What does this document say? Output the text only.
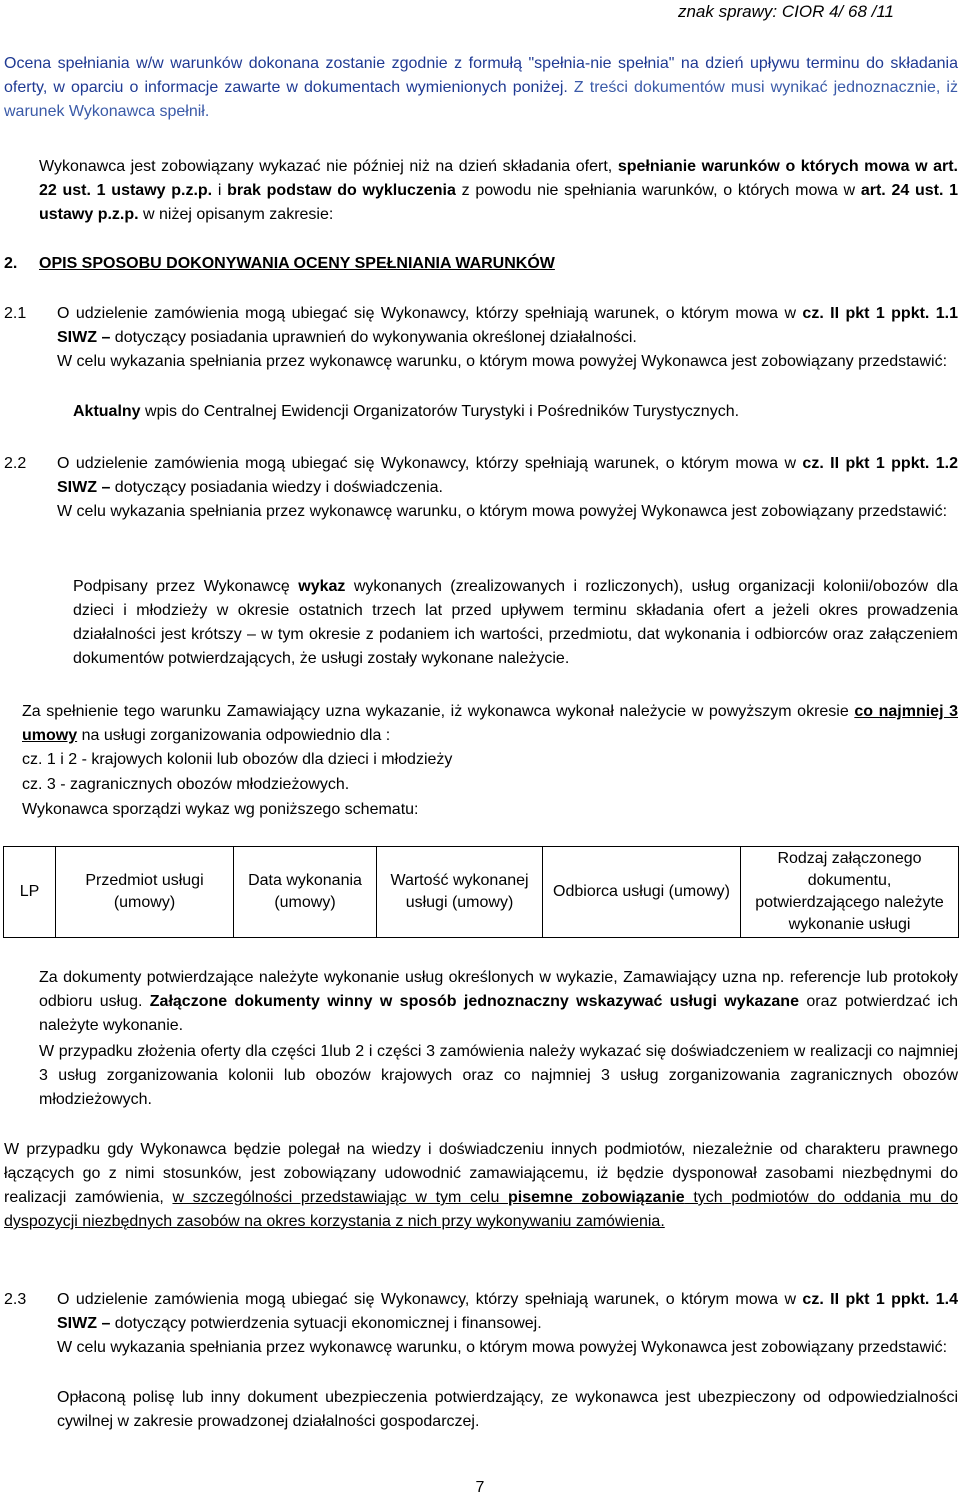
znak sprawy: CIOR 4/ 68 /11

Ocena spełniania w/w warunków dokonana zostanie zgodnie z formułą "spełnia-nie spełnia" na dzień upływu terminu do składania oferty, w oparciu o informacje zawarte w dokumentach wymienionych poniżej. Z treści dokumentów musi wynikać jednoznacznie, iż warunek Wykonawca spełnił.

Wykonawca jest zobowiązany wykazać nie później niż na dzień składania ofert, spełnianie warunków o których mowa w art. 22 ust. 1 ustawy p.z.p. i brak podstaw do wykluczenia z powodu nie spełniania warunków, o których mowa w art. 24 ust. 1 ustawy p.z.p. w niżej opisanym zakresie:

2. OPIS SPOSOBU DOKONYWANIA OCENY SPEŁNIANIA WARUNKÓW
2.1 O udzielenie zamówienia mogą ubiegać się Wykonawcy, którzy spełniają warunek, o którym mowa w cz. II pkt 1 ppkt. 1.1 SIWZ – dotyczący posiadania uprawnień do wykonywania określonej działalności.

W celu wykazania spełniania przez wykonawcę warunku, o którym mowa powyżej Wykonawca jest zobowiązany przedstawić:

Aktualny wpis do Centralnej Ewidencji Organizatorów Turystyki i Pośredników Turystycznych.

2.2 O udzielenie zamówienia mogą ubiegać się Wykonawcy, którzy spełniają warunek, o którym mowa w cz. II pkt 1 ppkt. 1.2 SIWZ – dotyczący posiadania wiedzy i doświadczenia.

W celu wykazania spełniania przez wykonawcę warunku, o którym mowa powyżej Wykonawca jest zobowiązany przedstawić:

Podpisany przez Wykonawcę wykaz wykonanych (zrealizowanych i rozliczonych), usług organizacji kolonii/obozów dla dzieci i młodzieży w okresie ostatnich trzech lat przed upływem terminu składania ofert a jeżeli okres prowadzenia działalności jest krótszy – w tym okresie z podaniem ich wartości, przedmiotu, dat wykonania i odbiorców oraz załączeniem dokumentów potwierdzających, że usługi zostały wykonane należycie.

Za spełnienie tego warunku Zamawiający uzna wykazanie, iż wykonawca wykonał należycie w powyższym okresie co najmniej 3 umowy na usługi zorganizowania odpowiednio dla :

cz. 1 i 2 - krajowych kolonii lub obozów dla dzieci i młodzieży

cz. 3 - zagranicznych obozów młodzieżowych.

Wykonawca sporządzi wykaz wg poniższego schematu:

LP	Przedmiot usługi (umowy)	Data wykonania (umowy)	Wartość wykonanej usługi (umowy)	Odbiorca usługi (umowy)	Rodzaj załączonego dokumentu, potwierdzającego należyte wykonanie usługi

Za dokumenty potwierdzające należyte wykonanie usług określonych w wykazie, Zamawiający uzna np. referencje lub protokoły odbioru usług. Załączone dokumenty winny w sposób jednoznaczny wskazywać usługi wykazane oraz potwierdzać ich należyte wykonanie.

W przypadku złożenia oferty dla części 1lub 2 i części 3 zamówienia należy wykazać się doświadczeniem w realizacji co najmniej 3 usług zorganizowania kolonii lub obozów krajowych oraz co najmniej 3 usług zorganizowania zagranicznych obozów młodzieżowych.

W przypadku gdy Wykonawca będzie polegał na wiedzy i doświadczeniu innych podmiotów, niezależnie od charakteru prawnego łączących go z nimi stosunków, jest zobowiązany udowodnić zamawiającemu, iż będzie dysponował zasobami niezbędnymi do realizacji zamówienia, w szczególności przedstawiając w tym celu pisemne zobowiązanie tych podmiotów do oddania mu do dyspozycji niezbędnych zasobów na okres korzystania z nich przy wykonywaniu zamówienia.

2.3 O udzielenie zamówienia mogą ubiegać się Wykonawcy, którzy spełniają warunek, o którym mowa w cz. II pkt 1 ppkt. 1.4 SIWZ – dotyczący potwierdzenia sytuacji ekonomicznej i finansowej.

W celu wykazania spełniania przez wykonawcę warunku, o którym mowa powyżej Wykonawca jest zobowiązany przedstawić:

Opłaconą polisę lub inny dokument ubezpieczenia potwierdzający, ze wykonawca jest ubezpieczony od odpowiedzialności cywilnej w zakresie prowadzonej działalności gospodarczej.

7
